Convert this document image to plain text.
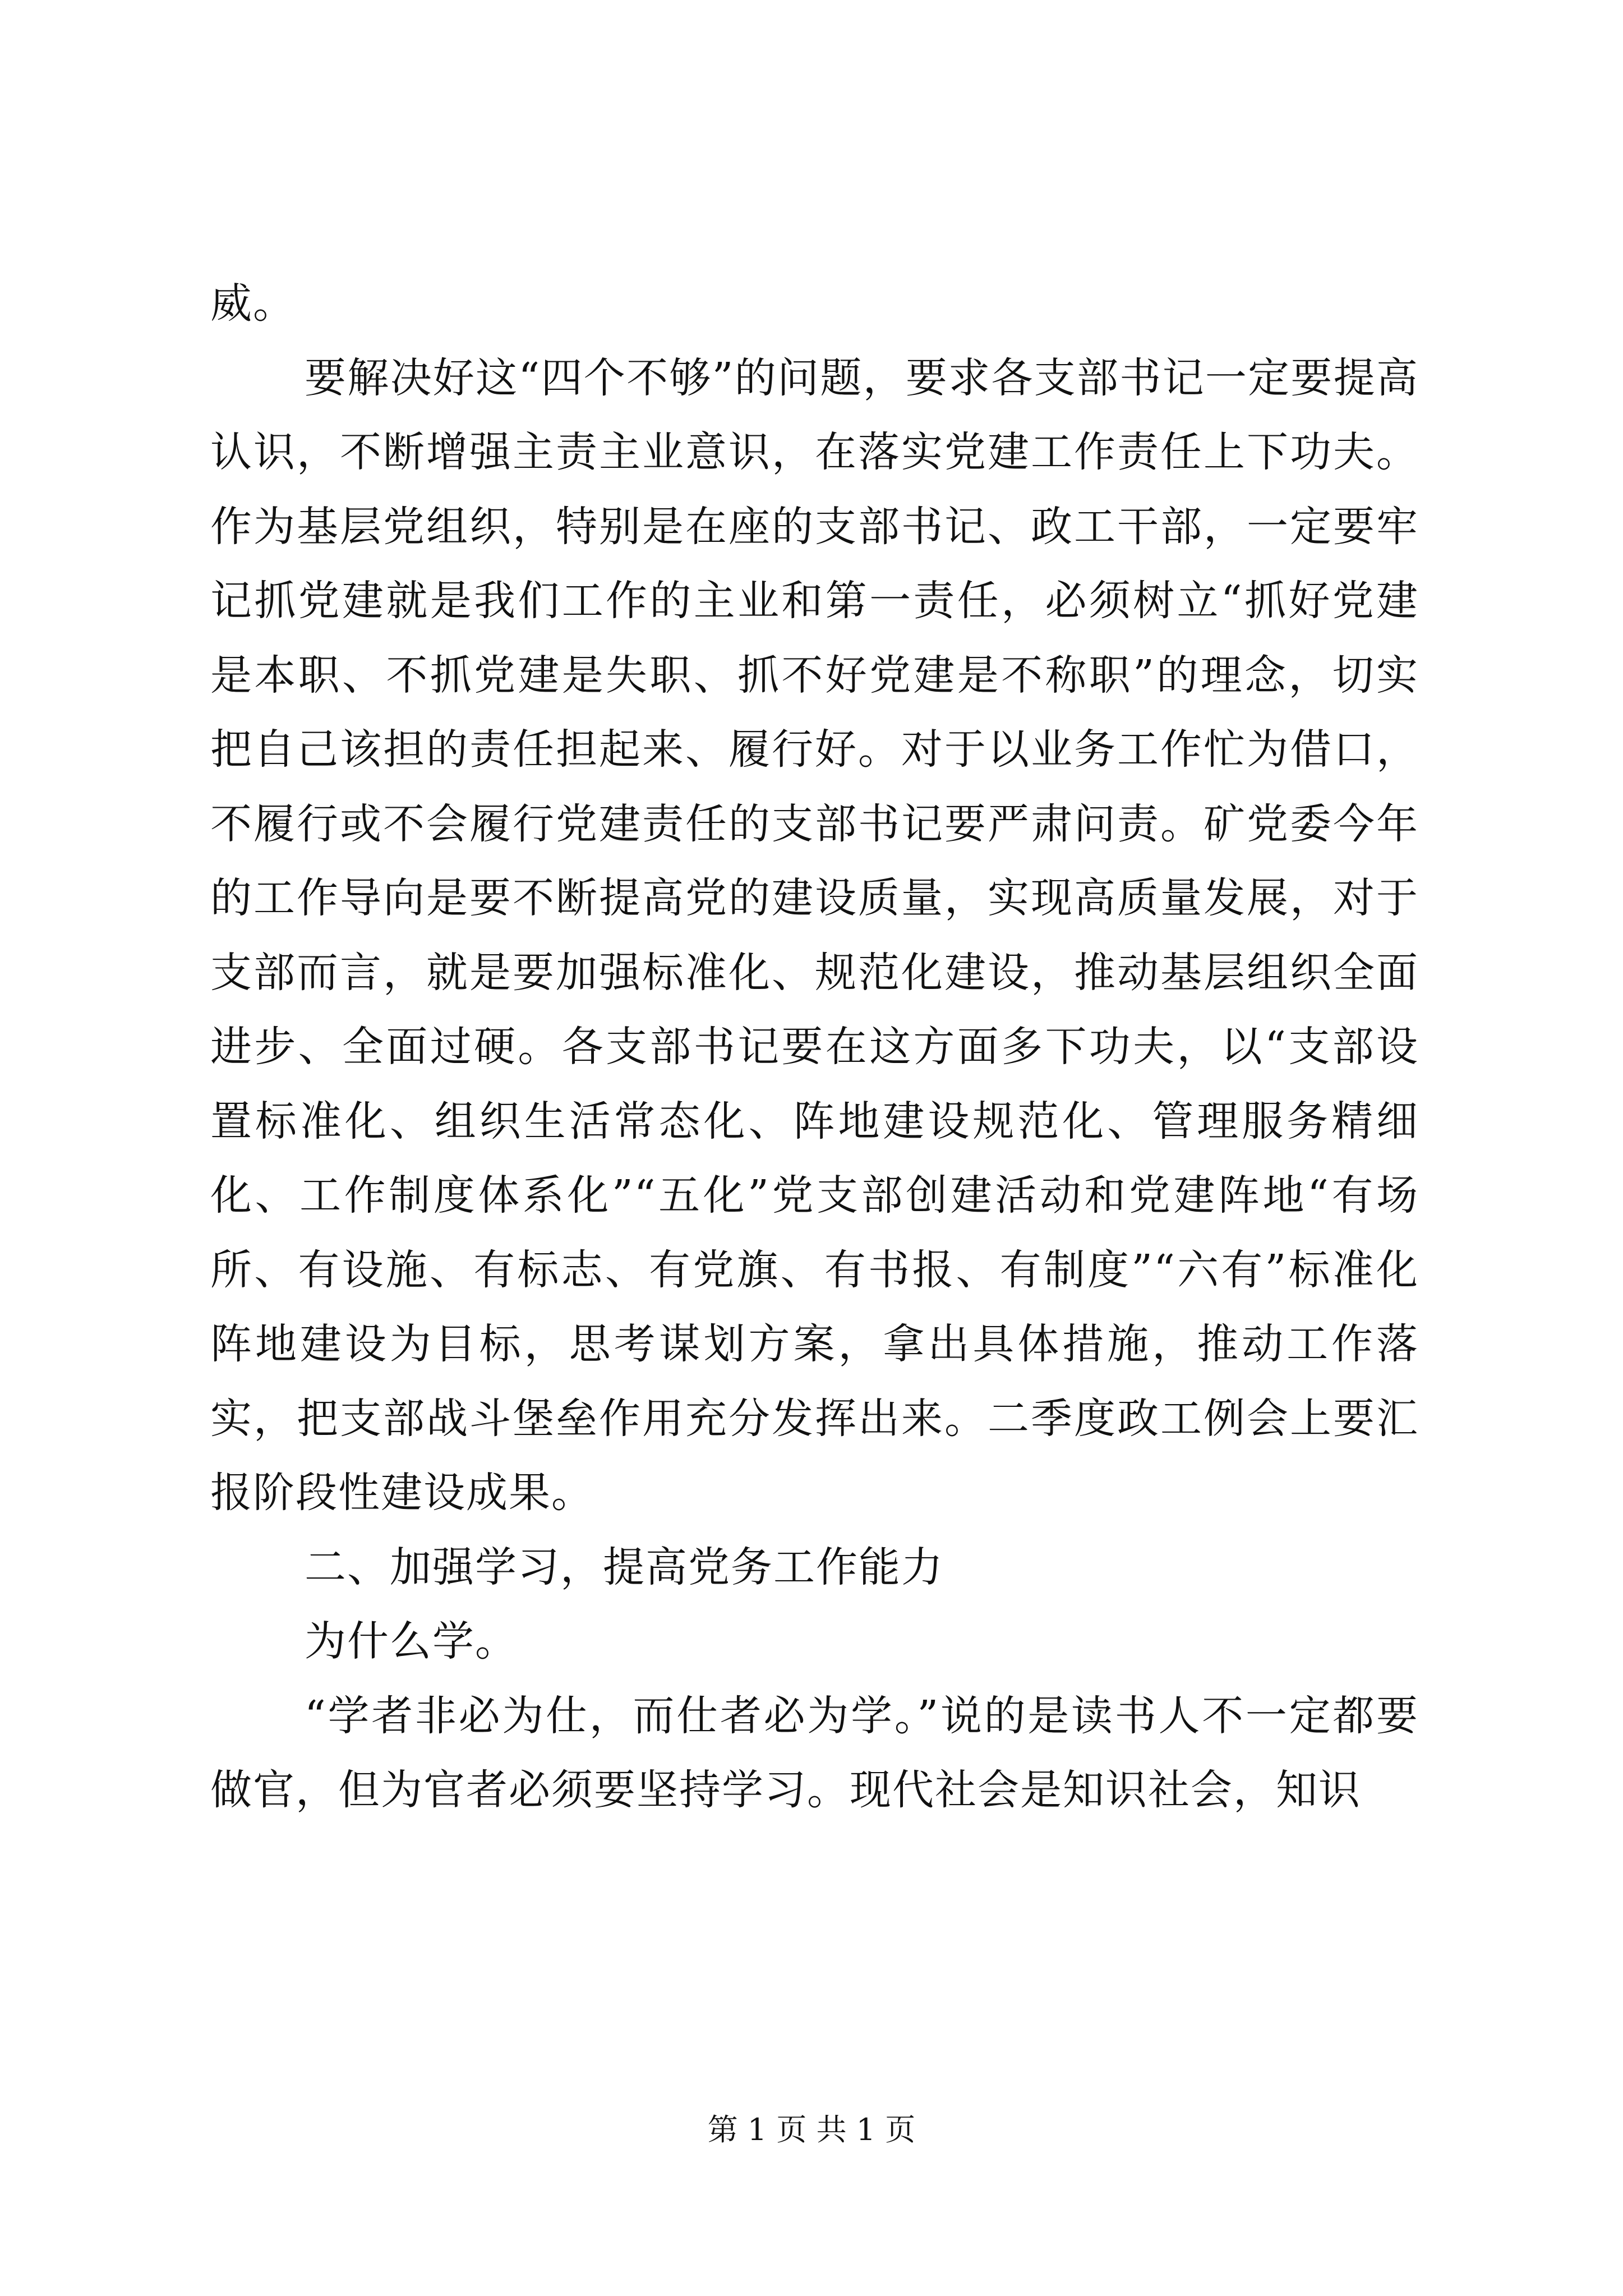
威。

要解决好这“四个不够”的问题，要求各支部书记一定要提高认识，不断增强主责主业意识，在落实党建工作责任上下功夫。作为基层党组织，特别是在座的支部书记、政工干部，一定要牢记抓党建就是我们工作的主业和第一责任，必须树立“抓好党建是本职、不抓党建是失职、抓不好党建是不称职”的理念，切实把自己该担的责任担起来、履行好。对于以业务工作忙为借口，不履行或不会履行党建责任的支部书记要严肃问责。矿党委今年的工作导向是要不断提高党的建设质量，实现高质量发展，对于支部而言，就是要加强标准化、规范化建设，推动基层组织全面进步、全面过硬。各支部书记要在这方面多下功夫，以“支部设置标准化、组织生活常态化、阵地建设规范化、管理服务精细化、工作制度体系化”“五化”党支部创建活动和党建阵地“有场所、有设施、有标志、有党旗、有书报、有制度”“六有”标准化阵地建设为目标，思考谋划方案，拿出具体措施，推动工作落实，把支部战斗堡垒作用充分发挥出来。二季度政工例会上要汇报阶段性建设成果。

二、加强学习，提高党务工作能力

为什么学。

“学者非必为仕，而仕者必为学。”说的是读书人不一定都要做官，但为官者必须要坚持学习。现代社会是知识社会，知识

第 1 页 共 1 页
